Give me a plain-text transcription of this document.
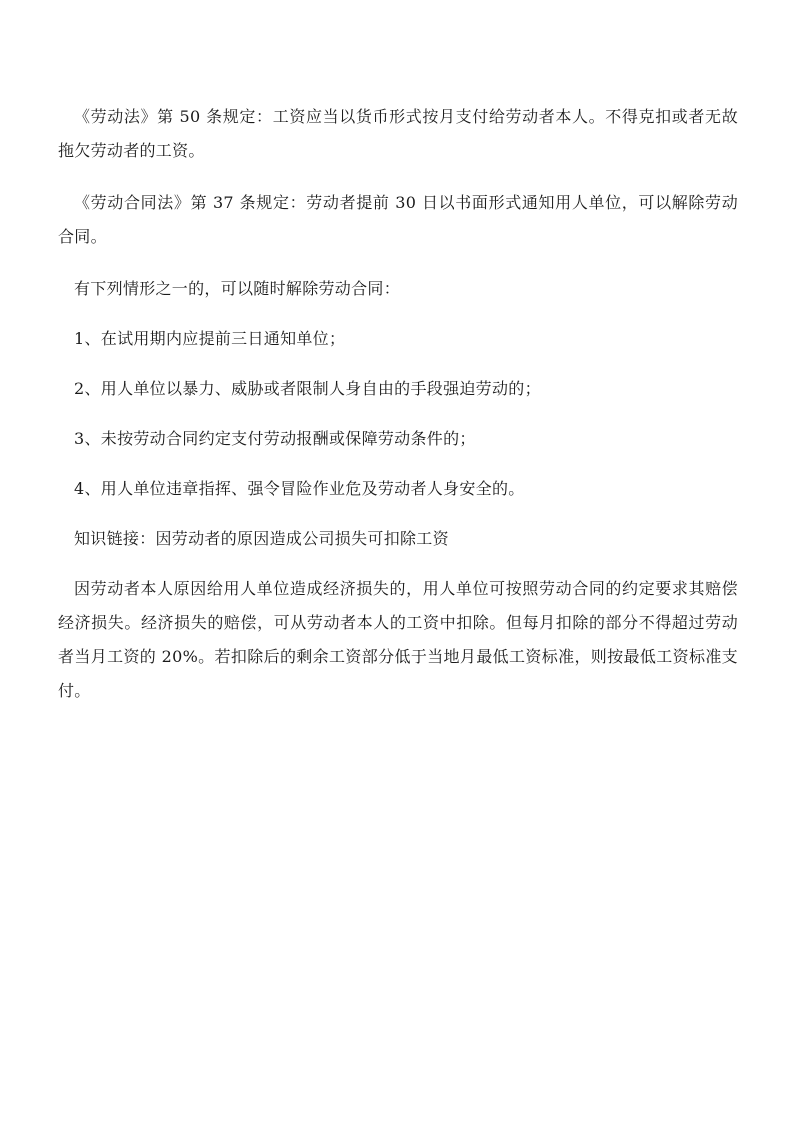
《劳动法》第 50 条规定：工资应当以货币形式按月支付给劳动者本人。不得克扣或者无故拖欠劳动者的工资。

《劳动合同法》第 37 条规定：劳动者提前 30 日以书面形式通知用人单位，可以解除劳动合同。

有下列情形之一的，可以随时解除劳动合同：

1、在试用期内应提前三日通知单位；

2、用人单位以暴力、威胁或者限制人身自由的手段强迫劳动的；

3、未按劳动合同约定支付劳动报酬或保障劳动条件的；

4、用人单位违章指挥、强令冒险作业危及劳动者人身安全的。

知识链接：因劳动者的原因造成公司损失可扣除工资

因劳动者本人原因给用人单位造成经济损失的，用人单位可按照劳动合同的约定要求其赔偿经济损失。经济损失的赔偿，可从劳动者本人的工资中扣除。但每月扣除的部分不得超过劳动者当月工资的 20%。若扣除后的剩余工资部分低于当地月最低工资标准，则按最低工资标准支付。
